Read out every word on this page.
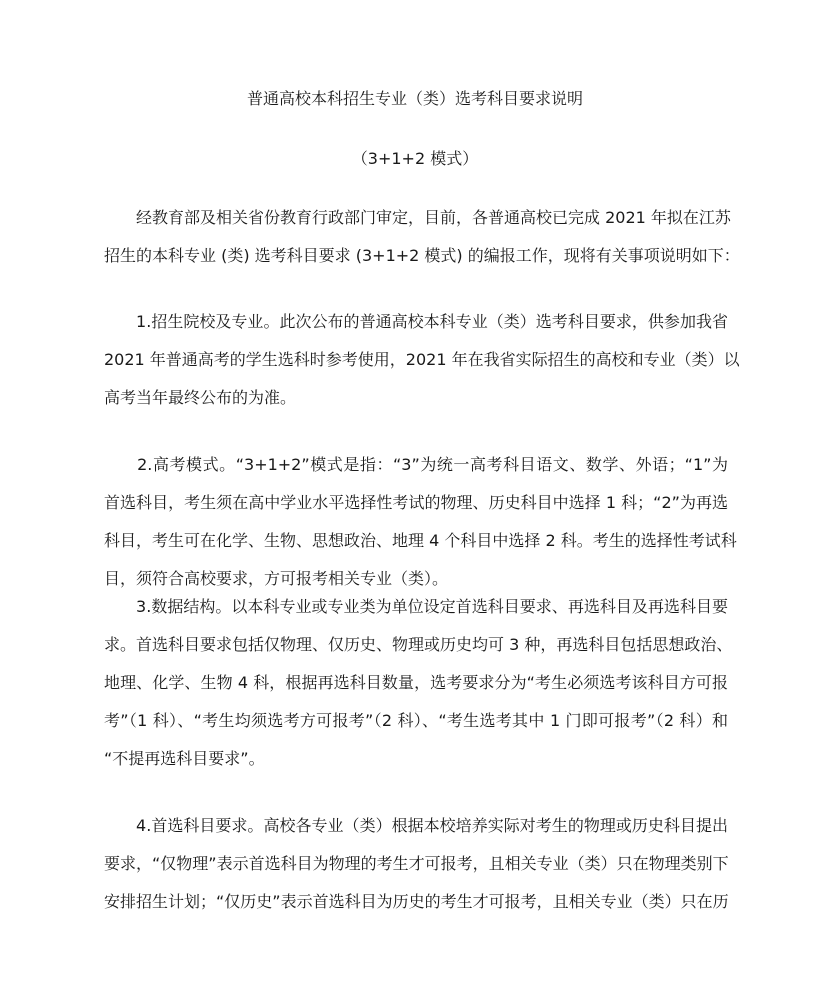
普通高校本科招生专业（类）选考科目要求说明
（3+1+2 模式）
　　经教育部及相关省份教育行政部门审定，目前，各普通高校已完成 2021 年拟在江苏
招生的本科专业 (类) 选考科目要求 (3+1+2 模式) 的编报工作，现将有关事项说明如下：
　　1.招生院校及专业。此次公布的普通高校本科专业（类）选考科目要求，供参加我省
2021 年普通高考的学生选科时参考使用，2021 年在我省实际招生的高校和专业（类）以
高考当年最终公布的为准。
　　2.高考模式。“3+1+2”模式是指：“3”为统一高考科目语文、数学、外语；“1”为
首选科目，考生须在高中学业水平选择性考试的物理、历史科目中选择 1 科；“2”为再选
科目，考生可在化学、生物、思想政治、地理 4 个科目中选择 2 科。考生的选择性考试科
目，须符合高校要求，方可报考相关专业（类）。
　　3.数据结构。以本科专业或专业类为单位设定首选科目要求、再选科目及再选科目要
求。首选科目要求包括仅物理、仅历史、物理或历史均可 3 种，再选科目包括思想政治、
地理、化学、生物 4 科，根据再选科目数量，选考要求分为“考生必须选考该科目方可报
考”（1 科）、“考生均须选考方可报考”（2 科）、“考生选考其中 1 门即可报考”（2 科）和
“不提再选科目要求”。
　　4.首选科目要求。高校各专业（类）根据本校培养实际对考生的物理或历史科目提出
要求，“仅物理”表示首选科目为物理的考生才可报考，且相关专业（类）只在物理类别下
安排招生计划；“仅历史”表示首选科目为历史的考生才可报考，且相关专业（类）只在历
